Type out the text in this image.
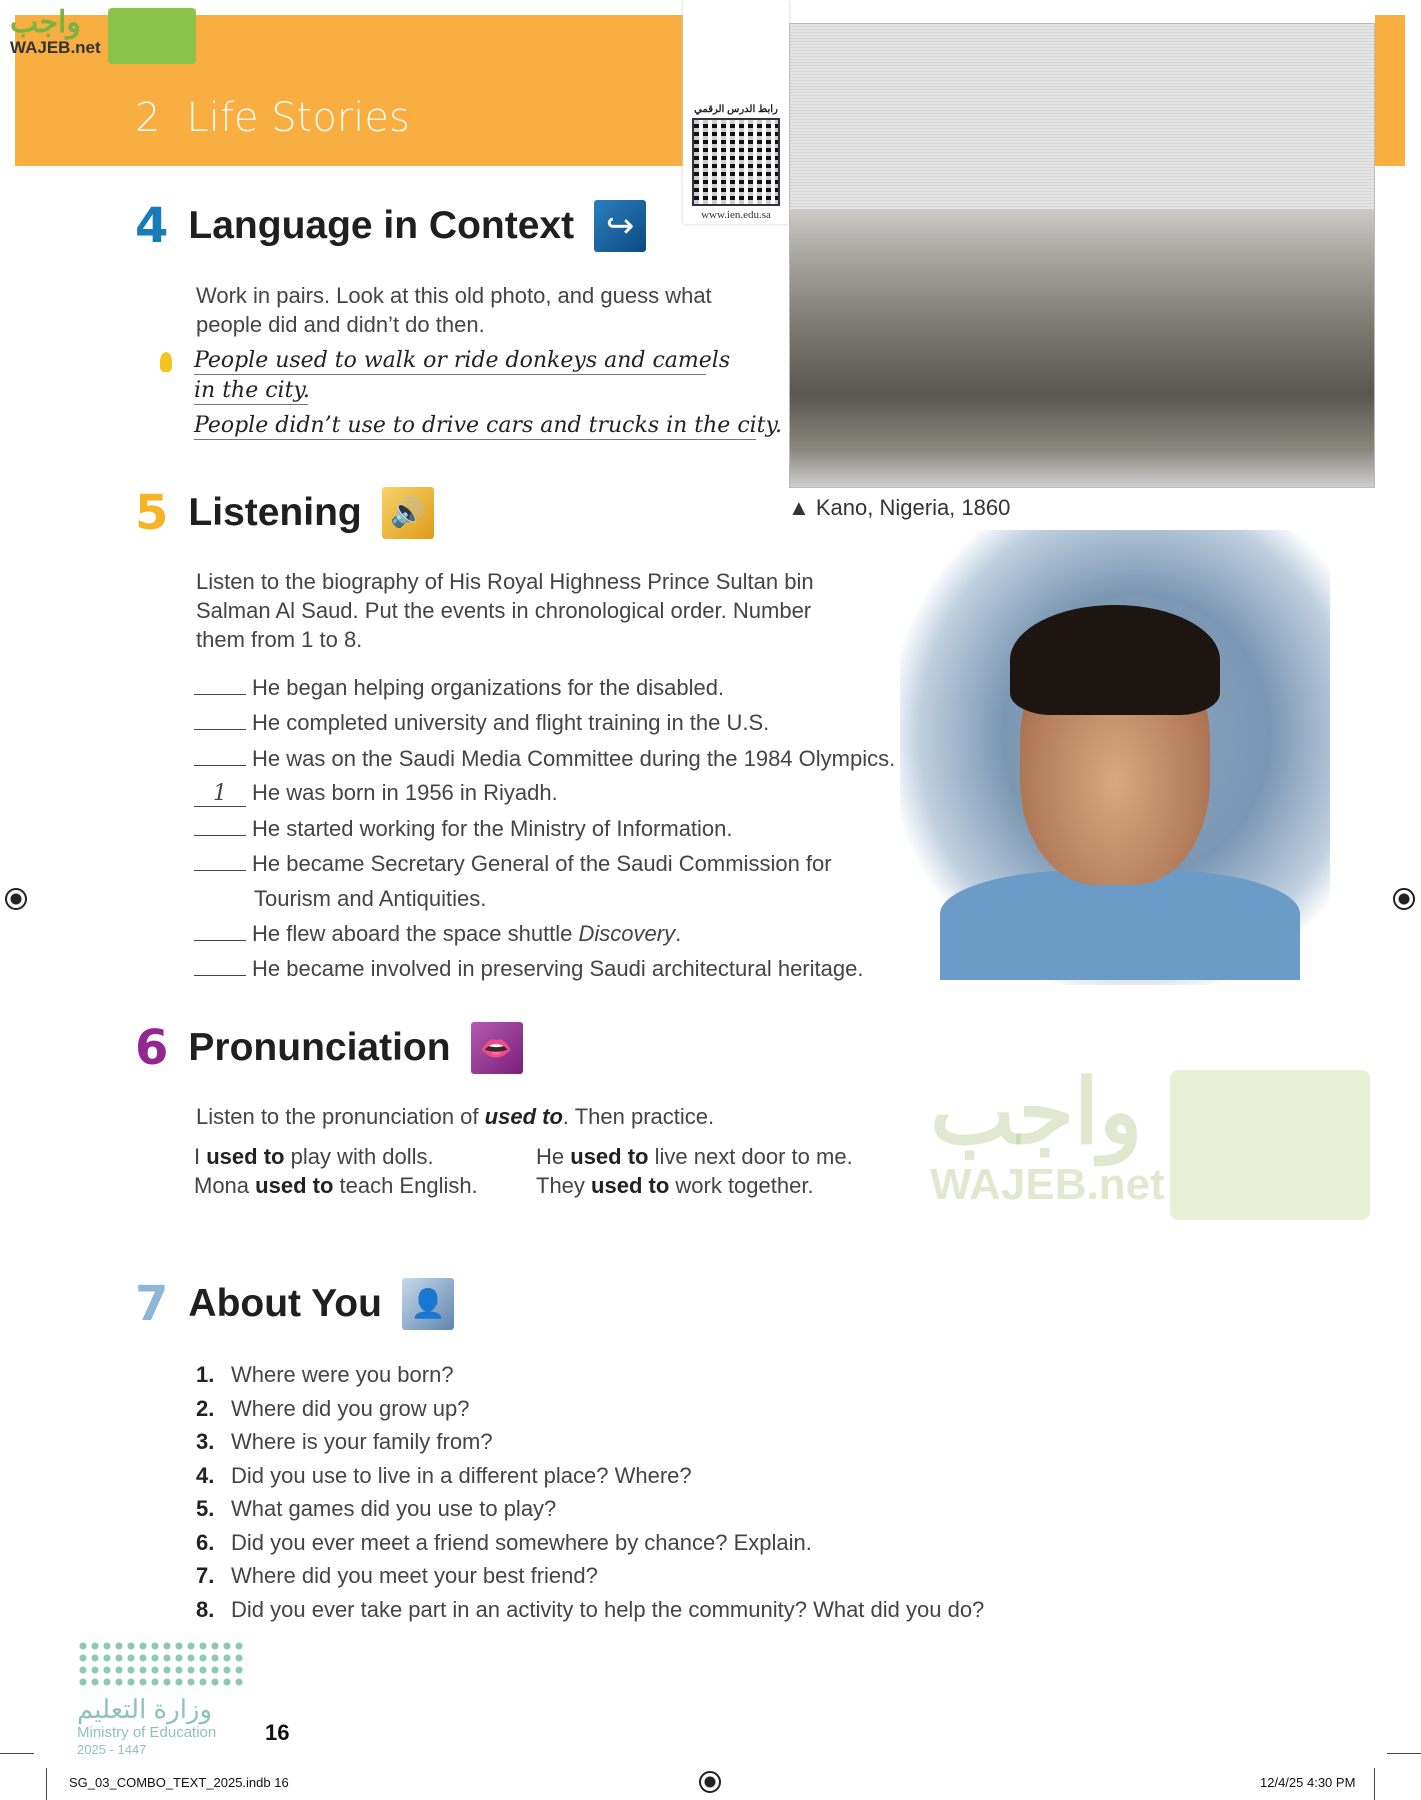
واجب
WAJEB.net
2 Life Stories	رابط الدرس الرقمي
www.ien.edu.sa
▲ Kano, Nigeria, 1860
4 Language in Context ↪
Work in pairs. Look at this old photo, and guess what people did and didn’t do then.
People used to walk or ride donkeys and camels
in the city.
People didn’t use to drive cars and trucks in the city.
5 Listening	🔊
Listen to the biography of His Royal Highness Prince Sultan bin Salman Al Saud. Put the events in chronological order. Number them from 1 to 8.
He began helping organizations for the disabled.
He completed university and flight training in the U.S.
He was on the Saudi Media Committee during the 1984 Olympics.
1 He was born in 1956 in Riyadh.
He started working for the Ministry of Information.
He became Secretary General of the Saudi Commission for
Tourism and Antiquities.
He flew aboard the space shuttle Discovery.
He became involved in preserving Saudi architectural heritage.
واجب
WAJEB.net
6 Pronunciation	👄
Listen to the pronunciation of used to. Then practice.
I used to play with dolls.	He used to live next door to me.
Mona used to teach English.	They used to work together.
7 About You	👤
1. Where were you born?
2. Where did you grow up?
3. Where is your family from?
4. Did you use to live in a different place? Where?
5. What games did you use to play?
6. Did you ever meet a friend somewhere by chance? Explain.
7. Where did you meet your best friend?
8. Did you ever take part in an activity to help the community? What did you do?
وزارة التعليم
Ministry of Education
2025 - 1447
16
SG_03_COMBO_TEXT_2025.indb 16	12/4/25 4:30 PM
